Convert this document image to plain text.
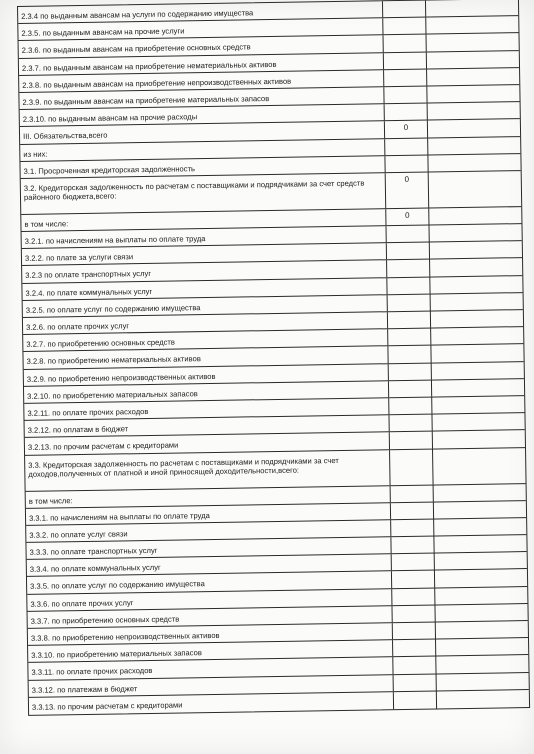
2.3.4 по выданным авансам на услуги по содержанию имущества
2.3.5. по выданным авансам на прочие услуги
2.3.6. по выданным авансам на приобретение основных средств
2.3.7. по выданным авансам на приобретение нематериальных активов
2.3.8. по выданным авансам на приобретение непроизводственных активов
2.3.9. по выданным авансам на приобретение материальных запасов
2.3.10. по выданным авансам на прочие расходы
III. Обязательства,всего
0
из них:
3.1. Просроченная кредиторская задолженность
3.2. Кредиторская задолженность по расчетам с поставщиками и подрядчиками за счет средств районного бюджета,всего:
0
в том числе:
0
3.2.1. по начислениям на выплаты по оплате труда
3.2.2. по плате за услуги связи
3.2.3 по оплате транспортных услуг
3.2.4. по плате коммунальных услуг
3.2.5. по оплате услуг по содержанию имущества
3.2.6. по оплате прочих услуг
3.2.7. по приобретению основных средств
3.2.8. по приобретению нематериальных активов
3.2.9. по приобретению непроизводственных активов
3.2.10. по приобретению материальных запасов
3.2.11. по оплате прочих расходов
3.2.12. по оплатам в бюджет
3.2.13. по прочим расчетам с кредиторами
3.3. Кредиторская задолженность по расчетам с поставщиками и подрядчиками за счет доходов,полученных от платной и иной приносящей доходительности,всего:
в том числе:
3.3.1. по начислениям на выплаты по оплате труда
3.3.2. по оплате услуг связи
3.3.3. по оплате транспортных услуг
3.3.4. по оплате коммунальных услуг
3.3.5. по оплате услуг по содержанию имущества
3.3.6. по оплате прочих услуг
3.3.7. по приобретению основных средств
3.3.8. по приобретению непроизводственных активов
3.3.10. по приобретению материальных запасов
3.3.11. по оплате прочих расходов
3.3.12. по платежам в бюджет
3.3.13. по прочим расчетам с кредиторами
